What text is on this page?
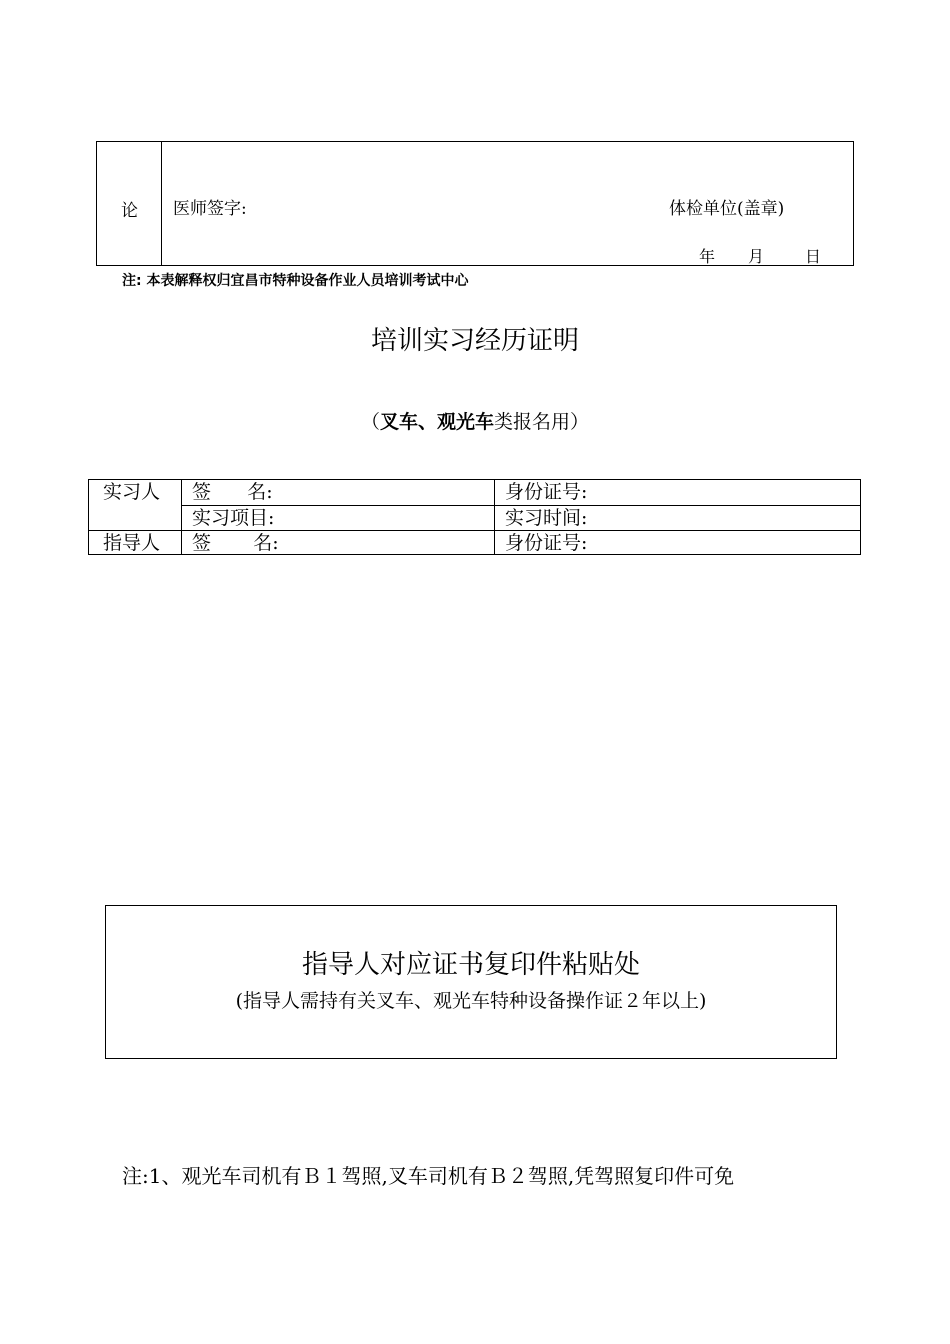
论 医师签字:	体检单位(盖章)
年 月	日
注: 本表解释权归宜昌市特种设备作业人员培训考试中心
培训实习经历证明
（叉车、观光车类报名用）
实习人 签      名:	身份证号:
实习项目:	实习时间:
指导人 签       名:	身份证号:
指导人对应证书复印件粘贴处
(指导人需持有关叉车、观光车特种设备操作证２年以上)
注:1、观光车司机有Ｂ１驾照,叉车司机有Ｂ２驾照,凭驾照复印件可免
